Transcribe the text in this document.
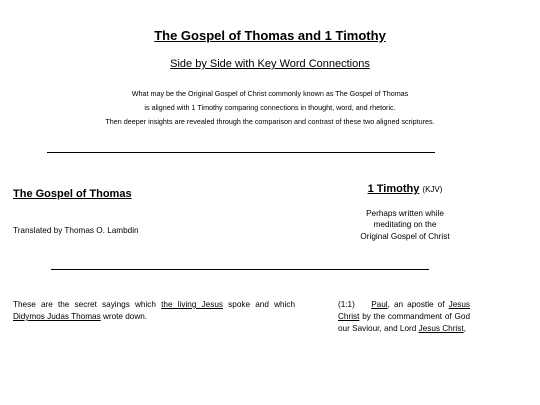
The Gospel of Thomas and 1 Timothy
Side by Side with Key Word Connections
What may be the Original Gospel of Christ commonly known as The Gospel of Thomas
is aligned with 1 Timothy comparing connections in thought, word, and rhetoric.
Then deeper insights are revealed through the comparison and contrast of these two aligned scriptures.
The Gospel of Thomas	1 Timothy (KJV)
Perhaps written while
meditating on the
Original Gospel of Christ
Translated by Thomas O. Lambdin
These are the secret sayings which the living Jesus spoke and which Didymos Judas Thomas wrote down.
(1:1) Paul, an apostle of Jesus Christ by the commandment of God our Saviour, and Lord Jesus Christ,
